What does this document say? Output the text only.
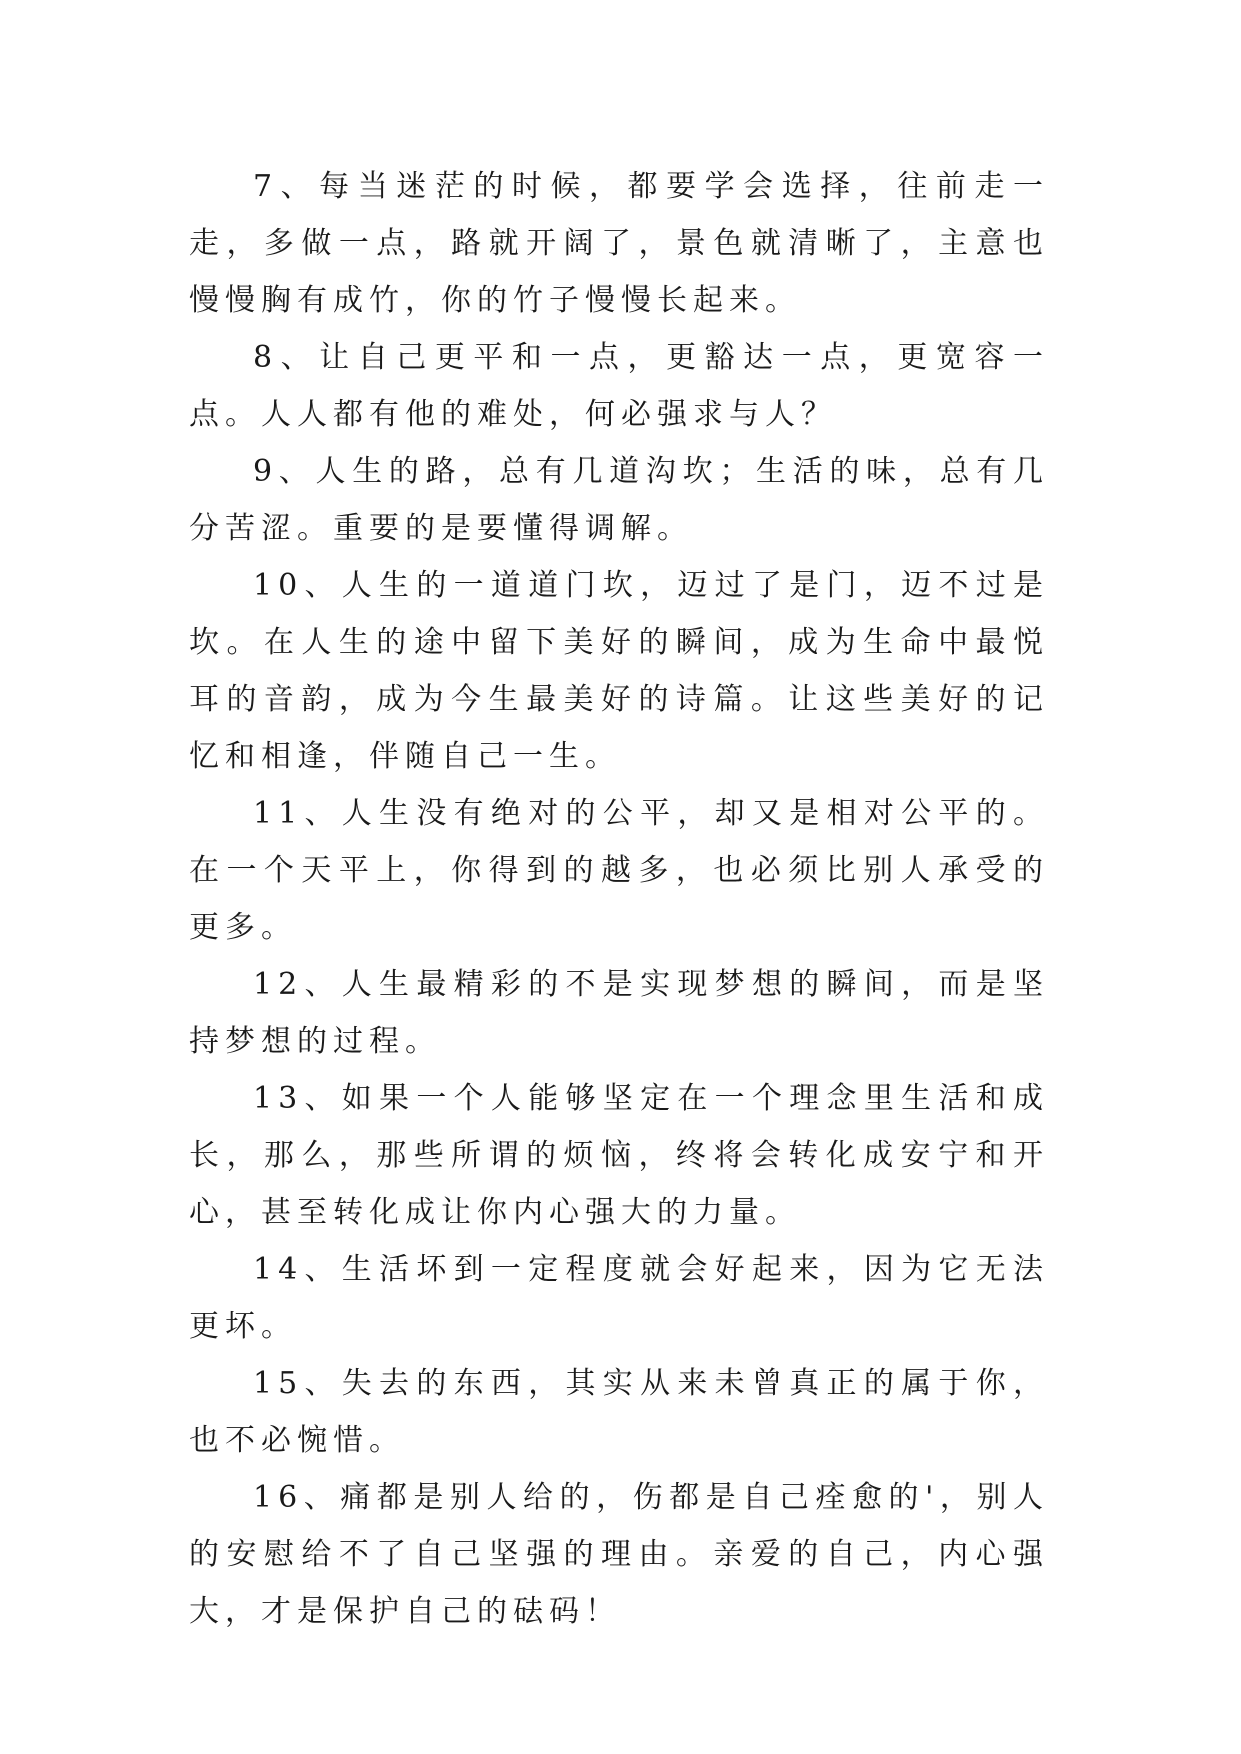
7、每当迷茫的时候，都要学会选择，往前走一走，多做一点，路就开阔了，景色就清晰了，主意也慢慢胸有成竹，你的竹子慢慢长起来。

8、让自己更平和一点，更豁达一点，更宽容一点。人人都有他的难处，何必强求与人？

9、人生的路，总有几道沟坎；生活的味，总有几分苦涩。重要的是要懂得调解。

10、人生的一道道门坎，迈过了是门，迈不过是坎。在人生的途中留下美好的瞬间，成为生命中最悦耳的音韵，成为今生最美好的诗篇。让这些美好的记忆和相逢，伴随自己一生。

11、人生没有绝对的公平，却又是相对公平的。在一个天平上，你得到的越多，也必须比别人承受的更多。

12、人生最精彩的不是实现梦想的瞬间，而是坚持梦想的过程。

13、如果一个人能够坚定在一个理念里生活和成长，那么，那些所谓的烦恼，终将会转化成安宁和开心，甚至转化成让你内心强大的力量。

14、生活坏到一定程度就会好起来，因为它无法更坏。

15、失去的东西，其实从来未曾真正的属于你，也不必惋惜。

16、痛都是别人给的，伤都是自己痊愈的'，别人的安慰给不了自己坚强的理由。亲爱的自己，内心强大，才是保护自己的砝码！
